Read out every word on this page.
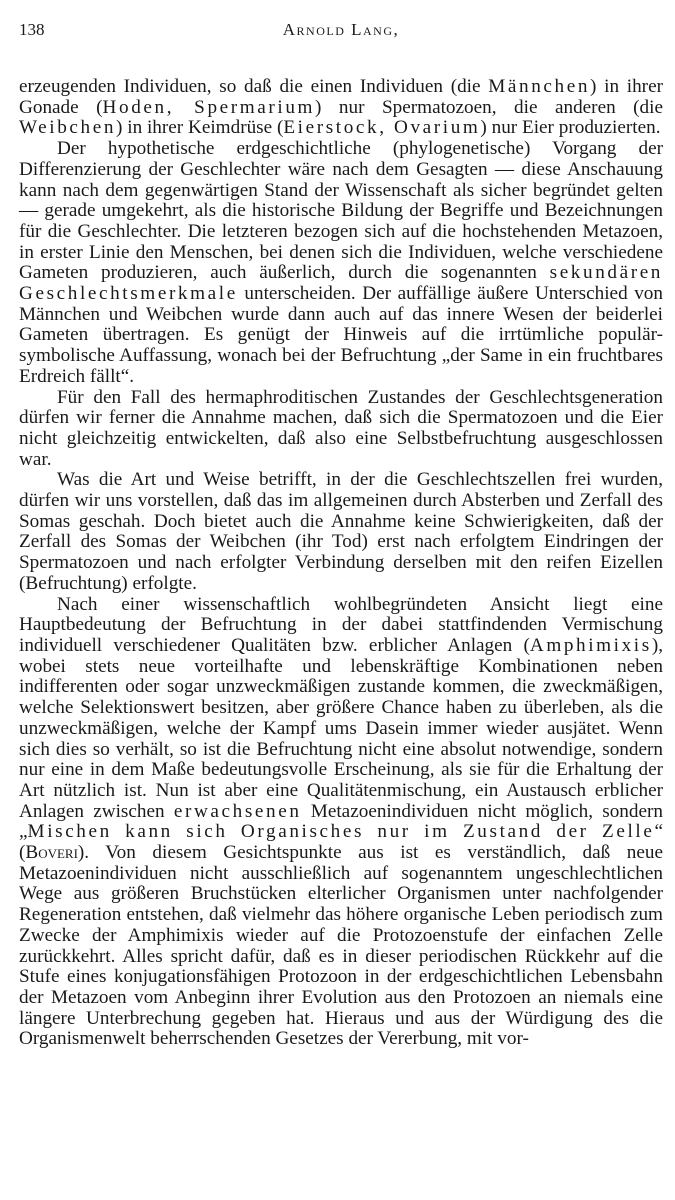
138	Arnold Lang,

erzeugenden Individuen, so daß die einen Individuen (die Männchen) in ihrer Gonade (Hoden, Spermarium) nur Spermatozoen, die anderen (die Weibchen) in ihrer Keimdrüse (Eierstock, Ovarium) nur Eier produzierten.

Der hypothetische erdgeschichtliche (phylogenetische) Vorgang der Differenzierung der Geschlechter wäre nach dem Gesagten — diese Anschauung kann nach dem gegenwärtigen Stand der Wissenschaft als sicher begründet gelten — gerade umgekehrt, als die historische Bildung der Begriffe und Bezeichnungen für die Geschlechter. Die letzteren bezogen sich auf die hochstehenden Metazoen, in erster Linie den Menschen, bei denen sich die Individuen, welche verschiedene Gameten produzieren, auch äußerlich, durch die sogenannten sekundären Geschlechtsmerkmale unterscheiden. Der auffällige äußere Unterschied von Männchen und Weibchen wurde dann auch auf das innere Wesen der beiderlei Gameten übertragen. Es genügt der Hinweis auf die irrtümliche populär-symbolische Auffassung, wonach bei der Befruchtung „der Same in ein fruchtbares Erdreich fällt“.

Für den Fall des hermaphroditischen Zustandes der Geschlechtsgeneration dürfen wir ferner die Annahme machen, daß sich die Spermatozoen und die Eier nicht gleichzeitig entwickelten, daß also eine Selbstbefruchtung ausgeschlossen war.

Was die Art und Weise betrifft, in der die Geschlechtszellen frei wurden, dürfen wir uns vorstellen, daß das im allgemeinen durch Absterben und Zerfall des Somas geschah. Doch bietet auch die Annahme keine Schwierigkeiten, daß der Zerfall des Somas der Weibchen (ihr Tod) erst nach erfolgtem Eindringen der Spermatozoen und nach erfolgter Verbindung derselben mit den reifen Eizellen (Befruchtung) erfolgte.

Nach einer wissenschaftlich wohlbegründeten Ansicht liegt eine Hauptbedeutung der Befruchtung in der dabei stattfindenden Vermischung individuell verschiedener Qualitäten bzw. erblicher Anlagen (Amphimixis), wobei stets neue vorteilhafte und lebenskräftige Kombinationen neben indifferenten oder sogar unzweckmäßigen zustande kommen, die zweckmäßigen, welche Selektionswert besitzen, aber größere Chance haben zu überleben, als die unzweckmäßigen, welche der Kampf ums Dasein immer wieder ausjätet. Wenn sich dies so verhält, so ist die Befruchtung nicht eine absolut notwendige, sondern nur eine in dem Maße bedeutungsvolle Erscheinung, als sie für die Erhaltung der Art nützlich ist. Nun ist aber eine Qualitätenmischung, ein Austausch erblicher Anlagen zwischen erwachsenen Metazoenindividuen nicht möglich, sondern „Mischen kann sich Organisches nur im Zustand der Zelle“ (Boveri). Von diesem Gesichtspunkte aus ist es verständlich, daß neue Metazoenindividuen nicht ausschließlich auf sogenanntem ungeschlechtlichen Wege aus größeren Bruchstücken elterlicher Organismen unter nachfolgender Regeneration entstehen, daß vielmehr das höhere organische Leben periodisch zum Zwecke der Amphimixis wieder auf die Protozoenstufe der einfachen Zelle zurückkehrt. Alles spricht dafür, daß es in dieser periodischen Rückkehr auf die Stufe eines konjugationsfähigen Protozoon in der erdgeschichtlichen Lebensbahn der Metazoen vom Anbeginn ihrer Evolution aus den Protozoen an niemals eine längere Unterbrechung gegeben hat. Hieraus und aus der Würdigung des die Organismenwelt beherrschenden Gesetzes der Vererbung, mit vor-
